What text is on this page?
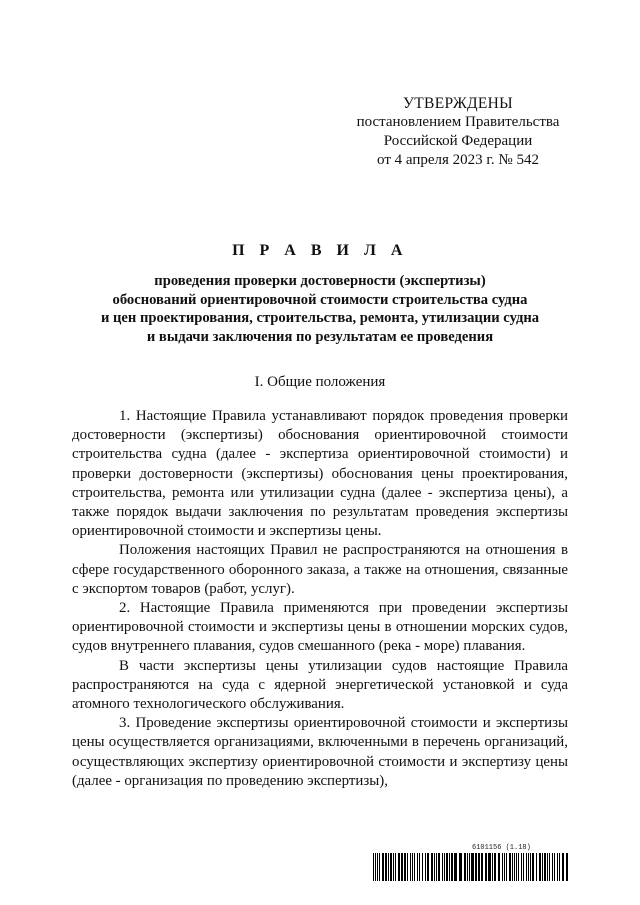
УТВЕРЖДЕНЫ
постановлением Правительства
Российской Федерации
от 4 апреля 2023 г. № 542
П Р А В И Л А
проведения проверки достоверности (экспертизы)
обоснований ориентировочной стоимости строительства судна
и цен проектирования, строительства, ремонта, утилизации судна
и выдачи заключения по результатам ее проведения
I. Общие положения

1. Настоящие Правила устанавливают порядок проведения проверки достоверности (экспертизы) обоснования ориентировочной стоимости строительства судна (далее - экспертиза ориентировочной стоимости) и проверки достоверности (экспертизы) обоснования цены проектирования, строительства, ремонта или утилизации судна (далее - экспертиза цены), а также порядок выдачи заключения по результатам проведения экспертизы ориентировочной стоимости и экспертизы цены.

Положения настоящих Правил не распространяются на отношения в сфере государственного оборонного заказа, а также на отношения, связанные с экспортом товаров (работ, услуг).

2. Настоящие Правила применяются при проведении экспертизы ориентировочной стоимости и экспертизы цены в отношении морских судов, судов внутреннего плавания, судов смешанного (река - море) плавания.

В части экспертизы цены утилизации судов настоящие Правила распространяются на суда с ядерной энергетической установкой и суда атомного технологического обслуживания.

3. Проведение экспертизы ориентировочной стоимости и экспертизы цены осуществляется организациями, включенными в перечень организаций, осуществляющих экспертизу ориентировочной стоимости и экспертизу цены (далее - организация по проведению экспертизы),

6101156 (1.18)
